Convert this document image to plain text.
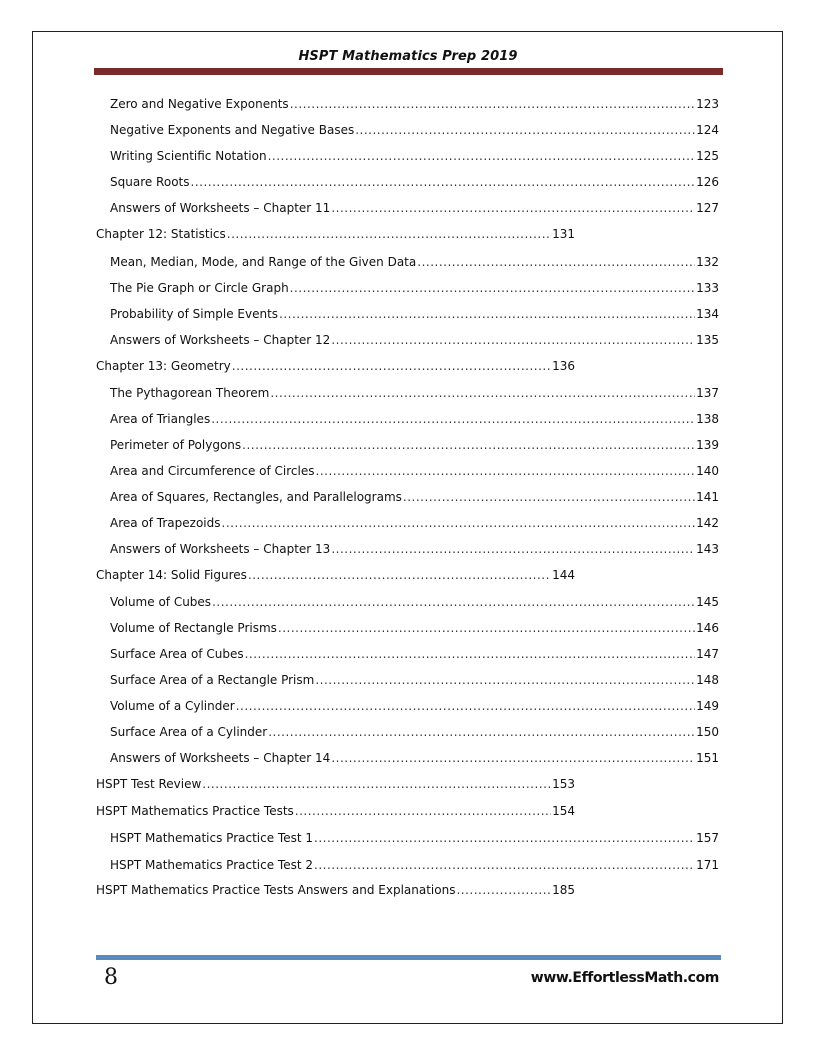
HSPT Mathematics Prep 2019
Zero and Negative Exponents .....	123
Negative Exponents and Negative Bases .....	124
Writing Scientific Notation .....	125
Square Roots .....	126
Answers of Worksheets – Chapter 11 .....	127
Chapter 12: Statistics .....	131
Mean, Median, Mode, and Range of the Given Data .....	132
The Pie Graph or Circle Graph .....	133
Probability of Simple Events .....	134
Answers of Worksheets – Chapter 12 .....	135
Chapter 13: Geometry .....	136
The Pythagorean Theorem .....	137
Area of Triangles .....	138
Perimeter of Polygons .....	139
Area and Circumference of Circles .....	140
Area of Squares, Rectangles, and Parallelograms .....	141
Area of Trapezoids .....	142
Answers of Worksheets – Chapter 13 .....	143
Chapter 14: Solid Figures .....	144
Volume of Cubes .....	145
Volume of Rectangle Prisms .....	146
Surface Area of Cubes .....	147
Surface Area of a Rectangle Prism .....	148
Volume of a Cylinder .....	149
Surface Area of a Cylinder .....	150
Answers of Worksheets – Chapter 14 .....	151
HSPT Test Review .....	153
HSPT Mathematics Practice Tests .....	154
HSPT Mathematics Practice Test 1 .....	157
HSPT Mathematics Practice Test 2 .....	171
HSPT Mathematics Practice Tests Answers and Explanations .....	185
8	www.EffortlessMath.com
